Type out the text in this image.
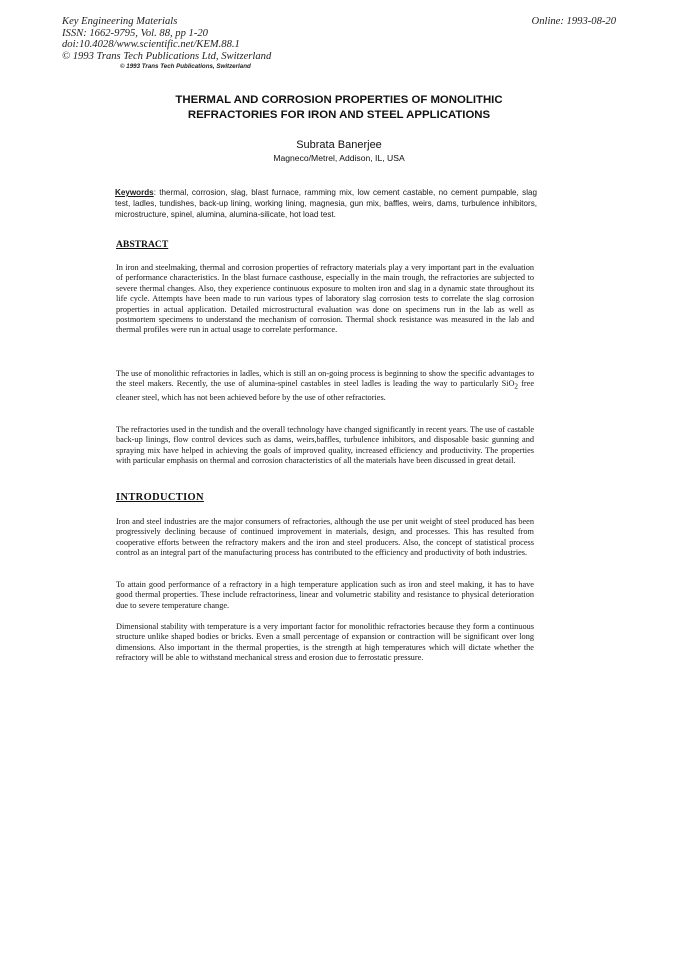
Key Engineering Materials
ISSN: 1662-9795, Vol. 88, pp 1-20
doi:10.4028/www.scientific.net/KEM.88.1
© 1993 Trans Tech Publications Ltd, Switzerland
© 1993 Trans Tech Publications, Switzerland
Online: 1993-08-20
THERMAL AND CORROSION PROPERTIES OF MONOLITHIC
REFRACTORIES FOR IRON AND STEEL APPLICATIONS
Subrata Banerjee
Magneco/Metrel, Addison, IL, USA
Keywords: thermal, corrosion, slag, blast furnace, ramming mix, low cement castable, no cement pumpable, slag test, ladles, tundishes, back-up lining, working lining, magnesia, gun mix, baffles, weirs, dams, turbulence inhibitors, microstructure, spinel, alumina, alumina-silicate, hot load test.
ABSTRACT
In iron and steelmaking, thermal and corrosion properties of refractory materials play a very important part in the evaluation of performance characteristics. In the blast furnace casthouse, especially in the main trough, the refractories are subjected to severe thermal changes. Also, they experience continuous exposure to molten iron and slag in a dynamic state throughout its life cycle. Attempts have been made to run various types of laboratory slag corrosion tests to correlate the slag corrosion properties in actual application. Detailed microstructural evaluation was done on specimens run in the lab as well as postmortem specimens to understand the mechanism of corrosion. Thermal shock resistance was measured in the lab and thermal profiles were run in actual usage to correlate performance.
The use of monolithic refractories in ladles, which is still an on-going process is beginning to show the specific advantages to the steel makers. Recently, the use of alumina-spinel castables in steel ladles is leading the way to particularly SiO$_2$ free cleaner steel, which has not been achieved before by the use of other refractories.
The refractories used in the tundish and the overall technology have changed significantly in recent years. The use of castable back-up linings, flow control devices such as dams, weirs,baffles, turbulence inhibitors, and disposable basic gunning and spraying mix have helped in achieving the goals of improved quality, increased efficiency and productivity. The properties with particular emphasis on thermal and corrosion characteristics of all the materials have been discussed in great detail.
INTRODUCTION
Iron and steel industries are the major consumers of refractories, although the use per unit weight of steel produced has been progressively declining because of continued improvement in materials, design, and processes. This has resulted from cooperative efforts between the refractory makers and the iron and steel producers. Also, the concept of statistical process control as an integral part of the manufacturing process has contributed to the efficiency and productivity of both industries.
To attain good performance of a refractory in a high temperature application such as iron and steel making, it has to have good thermal properties. These include refractoriness, linear and volumetric stability and resistance to physical deterioration due to severe temperature change.
Dimensional stability with temperature is a very important factor for monolithic refractories because they form a continuous structure unlike shaped bodies or bricks. Even a small percentage of expansion or contraction will be significant over long dimensions. Also important in the thermal properties, is the strength at high temperatures which will dictate whether the refractory will be able to withstand mechanical stress and erosion due to ferrostatic pressure.
